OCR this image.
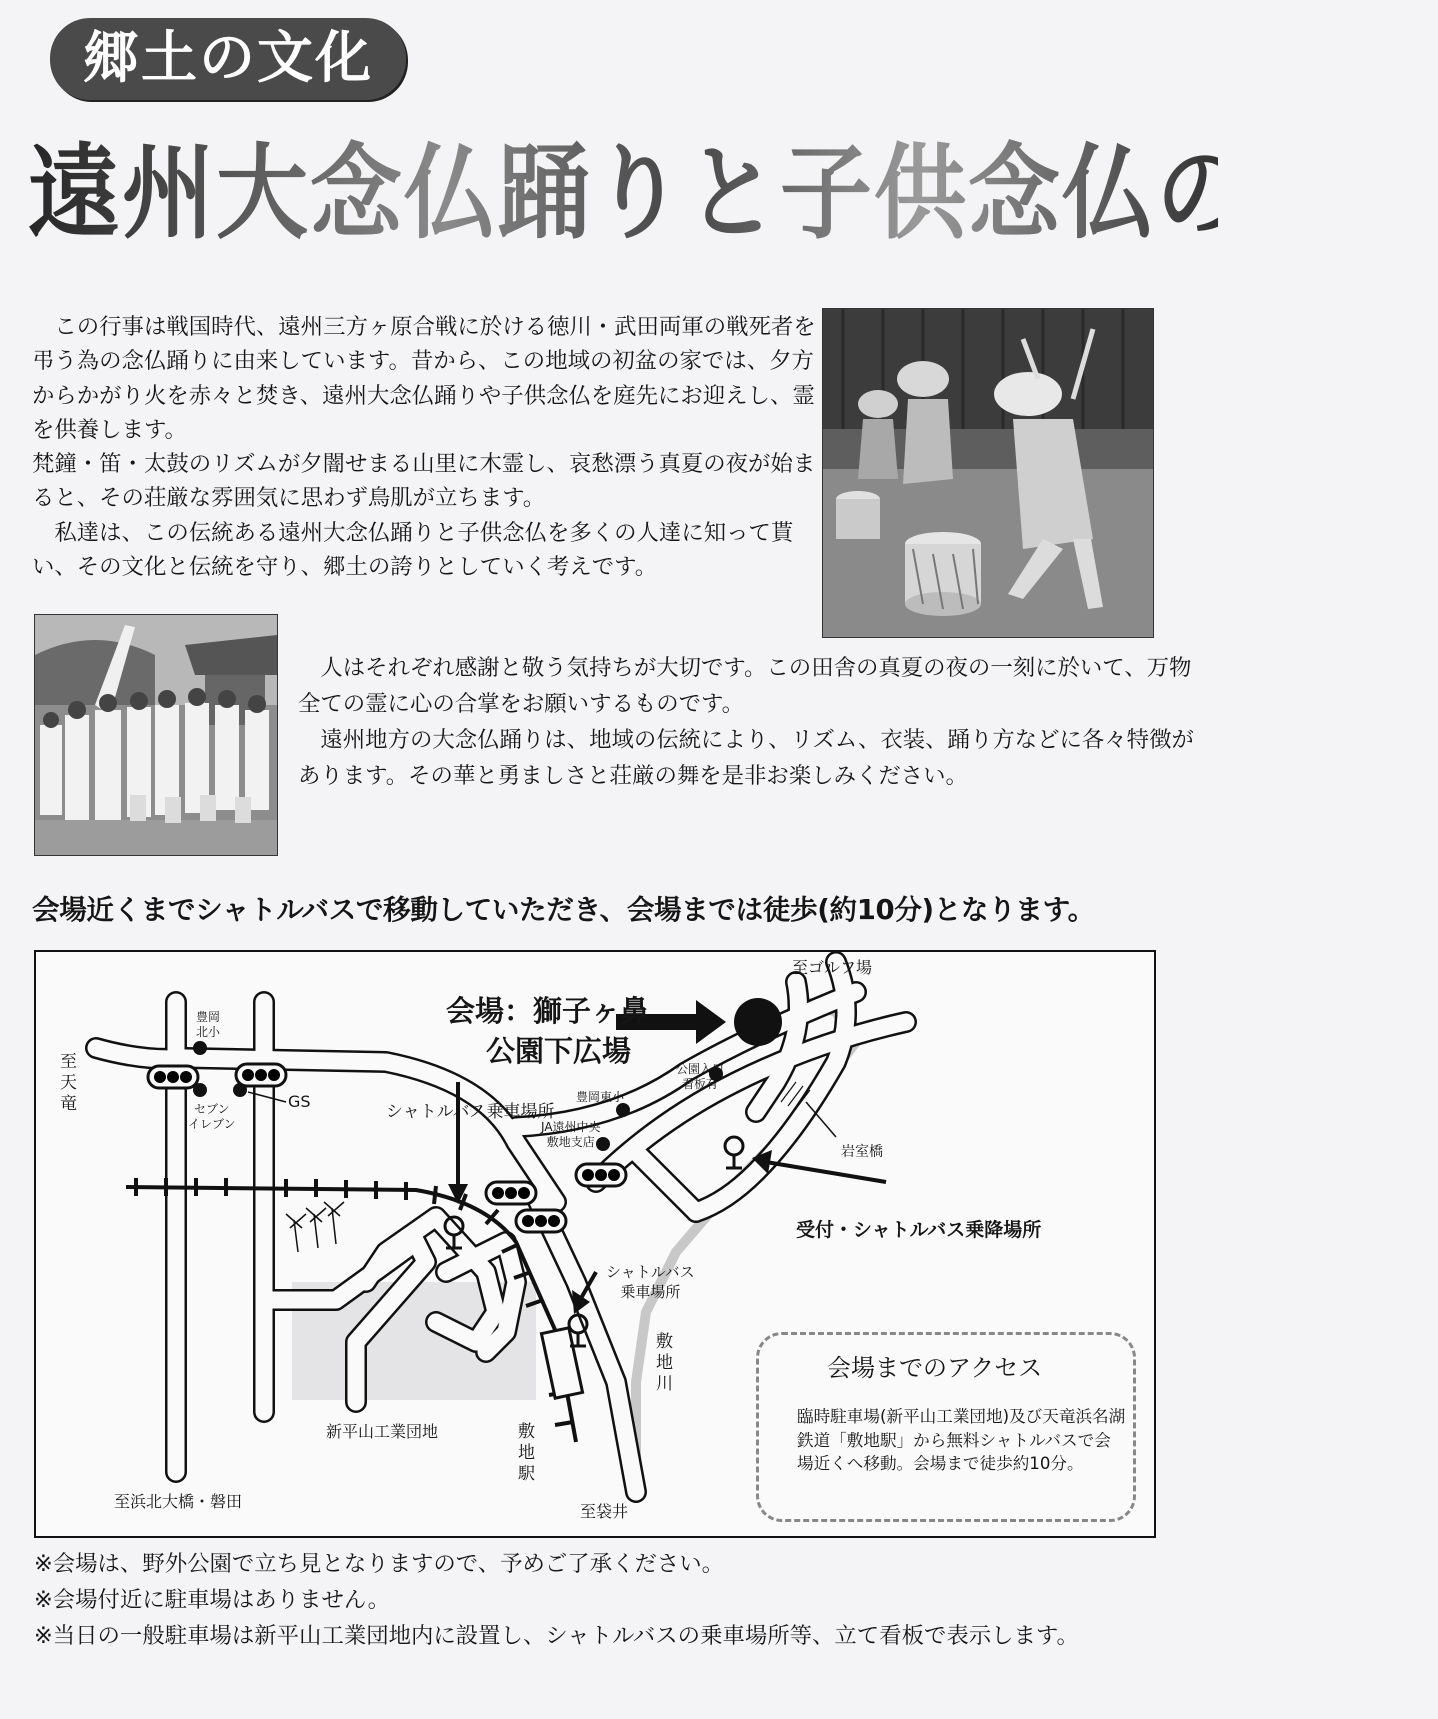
郷土の文化
遠州大念仏踊りと子供念仏の由来

　この行事は戦国時代、遠州三方ヶ原合戦に於ける徳川・武田両軍の戦死者を弔う為の念仏踊りに由来しています。昔から、この地域の初盆の家では、夕方からかがり火を赤々と焚き、遠州大念仏踊りや子供念仏を庭先にお迎えし、霊を供養します。

梵鐘・笛・太鼓のリズムが夕闇せまる山里に木霊し、哀愁漂う真夏の夜が始まると、その荘厳な雰囲気に思わず鳥肌が立ちます。

　私達は、この伝統ある遠州大念仏踊りと子供念仏を多くの人達に知って貰い、その文化と伝統を守り、郷土の誇りとしていく考えです。

　人はそれぞれ感謝と敬う気持ちが大切です。この田舎の真夏の夜の一刻に於いて、万物全ての霊に心の合掌をお願いするものです。

　遠州地方の大念仏踊りは、地域の伝統により、リズム、衣装、踊り方などに各々特徴があります。その華と勇ましさと荘厳の舞を是非お楽しみください。

会場近くまでシャトルバスで移動していただき、会場までは徒歩(約10分)となります。
至ゴルフ場
至天竜
豊岡
北小
セブン
イレブン
GS
会場：獅子ヶ鼻
公園下広場
シャトルバス乗車場所
豊岡東小
JA遠州中央
敷地支店
公園入口
看板有
岩室橋
受付・シャトルバス乗降場所
シャトルバス
乗車場所
敷地川
敷地駅
新平山工業団地
至浜北大橋・磐田
至袋井
会場までのアクセス
臨時駐車場(新平山工業団地)及び天竜浜名湖鉄道「敷地駅」から無料シャトルバスで会場近くへ移動。会場まで徒歩約10分。
※会場は、野外公園で立ち見となりますので、予めご了承ください。
※会場付近に駐車場はありません。
※当日の一般駐車場は新平山工業団地内に設置し、シャトルバスの乗車場所等、立て看板で表示します。
